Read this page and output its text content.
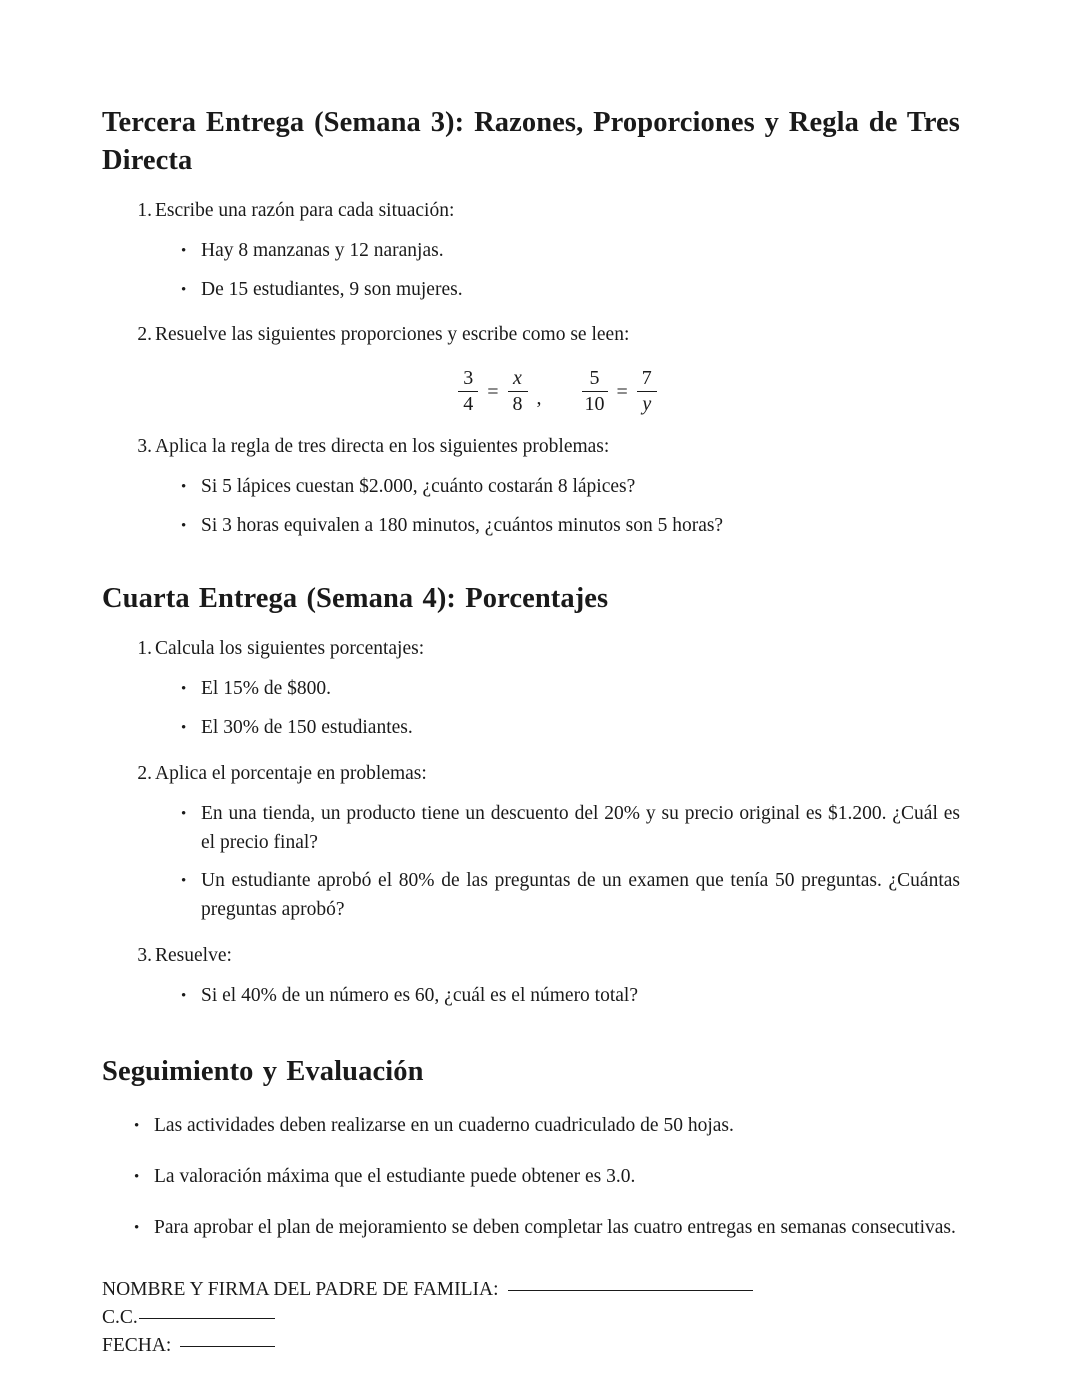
Tercera Entrega (Semana 3): Razones, Proporciones y Regla de Tres Directa
1. Escribe una razón para cada situación:
• Hay 8 manzanas y 12 naranjas.
• De 15 estudiantes, 9 son mujeres.
2. Resuelve las siguientes proporciones y escribe como se leen:
$\frac{3}{4} = \frac{x}{8}$ , $\frac{5}{10} = \frac{7}{y}$
3. Aplica la regla de tres directa en los siguientes problemas:
• Si 5 lápices cuestan $2.000, ¿cuánto costarán 8 lápices?
• Si 3 horas equivalen a 180 minutos, ¿cuántos minutos son 5 horas?
Cuarta Entrega (Semana 4): Porcentajes
1. Calcula los siguientes porcentajes:
• El 15% de $800.
• El 30% de 150 estudiantes.
2. Aplica el porcentaje en problemas:
• En una tienda, un producto tiene un descuento del 20% y su precio original es $1.200. ¿Cuál es el precio final?
• Un estudiante aprobó el 80% de las preguntas de un examen que tenía 50 preguntas. ¿Cuántas preguntas aprobó?
3. Resuelve:
• Si el 40% de un número es 60, ¿cuál es el número total?
Seguimiento y Evaluación
• Las actividades deben realizarse en un cuaderno cuadriculado de 50 hojas.
• La valoración máxima que el estudiante puede obtener es 3.0.
• Para aprobar el plan de mejoramiento se deben completar las cuatro entregas en semanas consecutivas.
NOMBRE Y FIRMA DEL PADRE DE FAMILIA:
C.C.
FECHA:
